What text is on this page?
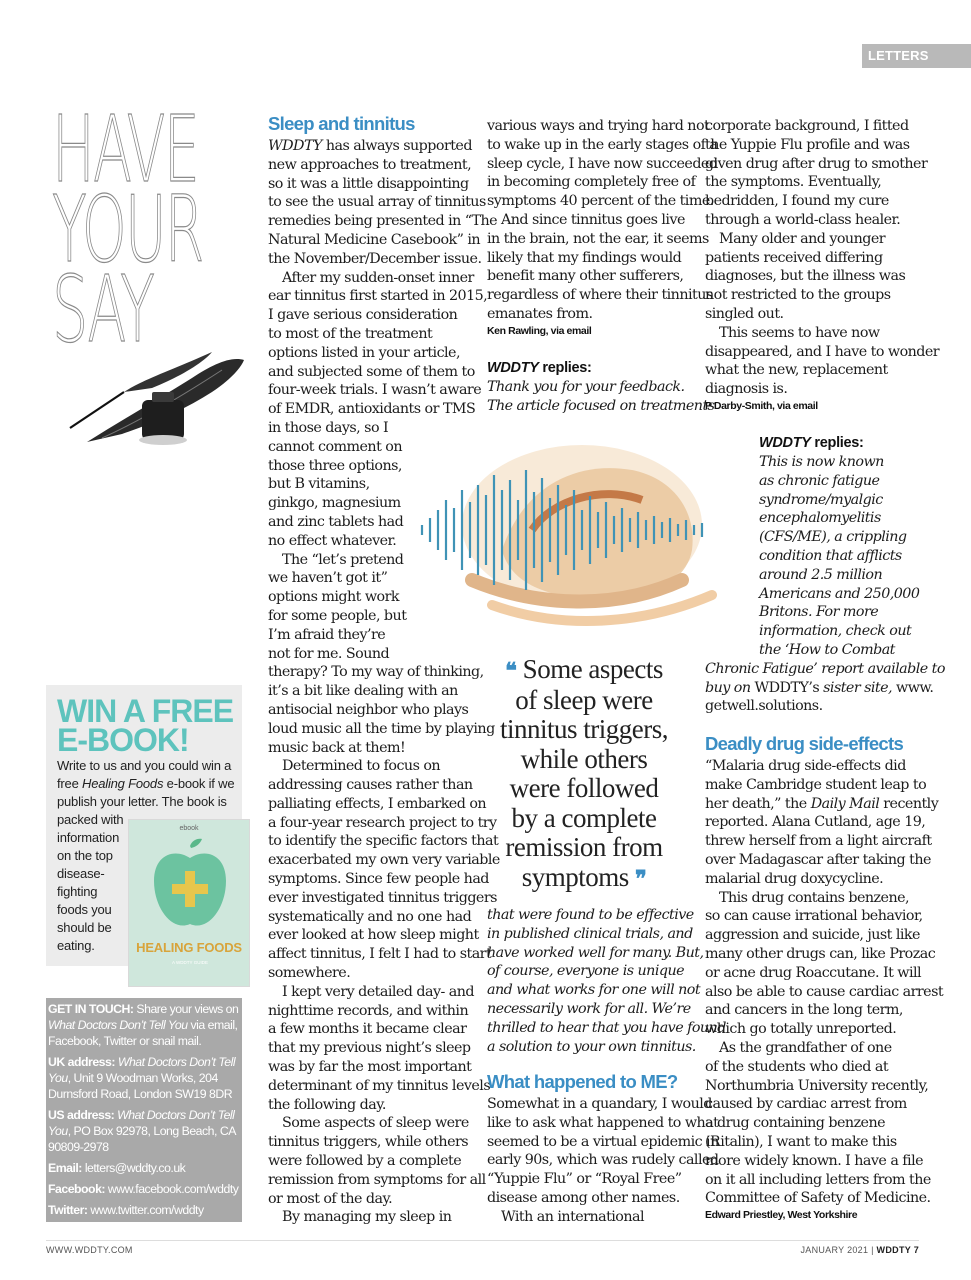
LETTERS
HAVE
YOUR
SAY
WIN A FREE
E-BOOK!
Write to us and you could win a
free Healing Foods e-book if we
publish your letter. The book is
packed with
information
on the top
disease-
fighting
foods you
should be
eating.
ebook
HEALING FOODS
A WDDTY GUIDE
GET IN TOUCH: Share your views on
What Doctors Don’t Tell You via email,
Facebook, Twitter or snail mail.
UK address: What Doctors Don’t Tell
You, Unit 9 Woodman Works, 204
Durnsford Road, London SW19 8DR
US address: What Doctors Don’t Tell
You, PO Box 92978, Long Beach, CA
90809-2978
Email: letters@wddty.co.uk
Facebook: www.facebook.com/wddty
Twitter: www.twitter.com/wddty
Sleep and tinnitus
WDDTY has always supported
new approaches to treatment,
so it was a little disappointing
to see the usual array of tinnitus
remedies being presented in “The
Natural Medicine Casebook” in
the November/December issue.
After my sudden-onset inner
ear tinnitus first started in 2015,
I gave serious consideration
to most of the treatment
options listed in your article,
and subjected some of them to
four-week trials. I wasn’t aware
of EMDR, antioxidants or TMS
in those days, so I
cannot comment on
those three options,
but B vitamins,
ginkgo, magnesium
and zinc tablets had
no effect whatever.
The “let’s pretend
we haven’t got it”
options might work
for some people, but
I’m afraid they’re
not for me. Sound
therapy? To my way of thinking,
it’s a bit like dealing with an
antisocial neighbor who plays
loud music all the time by playing
music back at them!
Determined to focus on
addressing causes rather than
palliating effects, I embarked on
a four-year research project to try
to identify the specific factors that
exacerbated my own very variable
symptoms. Since few people had
ever investigated tinnitus triggers
systematically and no one had
ever looked at how sleep might
affect tinnitus, I felt I had to start
somewhere.
I kept very detailed day- and
nighttime records, and within
a few months it became clear
that my previous night’s sleep
was by far the most important
determinant of my tinnitus levels
the following day.
Some aspects of sleep were
tinnitus triggers, while others
were followed by a complete
remission from symptoms for all
or most of the day.
By managing my sleep in
various ways and trying hard not
to wake up in the early stages of a
sleep cycle, I have now succeeded
in becoming completely free of
symptoms 40 percent of the time.
And since tinnitus goes live
in the brain, not the ear, it seems
likely that my findings would
benefit many other sufferers,
regardless of where their tinnitus
emanates from.
Ken Rawling, via email
WDDTY replies:
Thank you for your feedback.
The article focused on treatments
❝ Some aspects
of sleep were
tinnitus triggers,
while others
were followed
by a complete
remission from
symptoms ❞
that were found to be effective
in published clinical trials, and
have worked well for many. But,
of course, everyone is unique
and what works for one will not
necessarily work for all. We’re
thrilled to hear that you have found
a solution to your own tinnitus.
What happened to ME?
Somewhat in a quandary, I would
like to ask what happened to what
seemed to be a virtual epidemic in
early 90s, which was rudely called
“Yuppie Flu” or “Royal Free”
disease among other names.
With an international
corporate background, I fitted
the Yuppie Flu profile and was
given drug after drug to smother
the symptoms. Eventually,
bedridden, I found my cure
through a world-class healer.
Many older and younger
patients received differing
diagnoses, but the illness was
not restricted to the groups
singled out.
This seems to have now
disappeared, and I have to wonder
what the new, replacement
diagnosis is.
P Darby-Smith, via email
WDDTY replies:
This is now known
as chronic fatigue
syndrome/myalgic
encephalomyelitis
(CFS/ME), a crippling
condition that afflicts
around 2.5 million
Americans and 250,000
Britons. For more
information, check out
the ‘How to Combat
Chronic Fatigue’ report available to
buy on WDDTY’s sister site, www.
getwell.solutions.
Deadly drug side-effects
“Malaria drug side-effects did
make Cambridge student leap to
her death,” the Daily Mail recently
reported. Alana Cutland, age 19,
threw herself from a light aircraft
over Madagascar after taking the
malarial drug doxycycline.
This drug contains benzene,
so can cause irrational behavior,
aggression and suicide, just like
many other drugs can, like Prozac
or acne drug Roaccutane. It will
also be able to cause cardiac arrest
and cancers in the long term,
which go totally unreported.
As the grandfather of one
of the students who died at
Northumbria University recently,
caused by cardiac arrest from
a drug containing benzene
(Ritalin), I want to make this
more widely known. I have a file
on it all including letters from the
Committee of Safety of Medicine.
Edward Priestley, West Yorkshire
WWW.WDDTY.COM	JANUARY 2021 | WDDTY 7
